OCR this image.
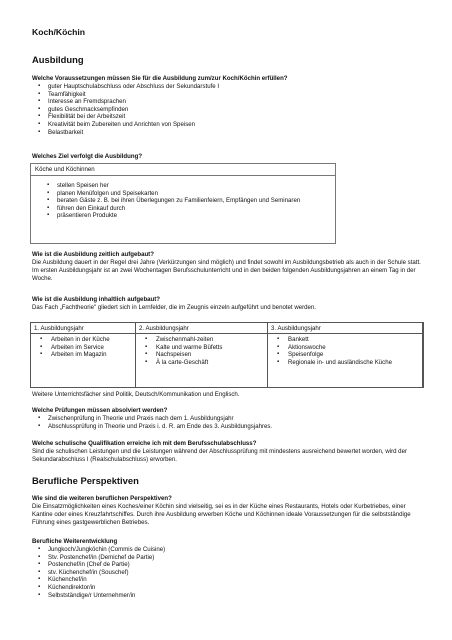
Koch/Köchin
Ausbildung
Welche Voraussetzungen müssen Sie für die Ausbildung zum/zur Koch/Köchin erfüllen?
▪ guter Hauptschulabschluss oder Abschluss der Sekundarstufe I
▪ Teamfähigkeit
▪ Interesse an Fremdsprachen
▪ gutes Geschmacksempfinden
▪ Flexibilität bei der Arbeitszeit
▪ Kreativität beim Zubereiten und Anrichten von Speisen
▪ Belastbarkeit
Welches Ziel verfolgt die Ausbildung?
Köche und Köchinnen
▪ stellen Speisen her
▪ planen Menüfolgen und Speisekarten
▪ beraten Gäste z. B. bei ihren Überlegungen zu Familienfeiern, Empfängen und Seminaren
▪ führen den Einkauf durch
▪ präsentieren Produkte
Wie ist die Ausbildung zeitlich aufgebaut?
Die Ausbildung dauert in der Regel drei Jahre (Verkürzungen sind möglich) und findet sowohl im Ausbildungsbetrieb als auch in der Schule statt. Im ersten Ausbildungsjahr ist an zwei Wochentagen Berufsschulunterricht und in den beiden folgenden Ausbildungsjahren an einem Tag in der Woche.
Wie ist die Ausbildung inhaltlich aufgebaut?
Das Fach „Fachtheorie" gliedert sich in Lernfelder, die im Zeugnis einzeln aufgeführt und benotet werden.
1. Ausbildungsjahr
▪ Arbeiten in der Küche
▪ Arbeiten im Service
▪ Arbeiten im Magazin
2. Ausbildungsjahr
▪ Zwischenmahl-zeiten
▪ Kalte und warme Büfetts
▪ Nachspeisen
▪ À la carte-Geschäft
3. Ausbildungsjahr
▪ Bankett
▪ Aktionswoche
▪ Speisenfolge
▪ Regionale in- und ausländische Küche
Weitere Unterrichtsfächer sind Politik, Deutsch/Kommunikation und Englisch.
Welche Prüfungen müssen absolviert werden?
▪ Zwischenprüfung in Theorie und Praxis nach dem 1. Ausbildungsjahr
▪ Abschlussprüfung in Theorie und Praxis i. d. R. am Ende des 3. Ausbildungsjahres.
Welche schulische Qualifikation erreiche ich mit dem Berufsschulabschluss?
Sind die schulischen Leistungen und die Leistungen während der Abschlussprüfung mit mindestens ausreichend bewertet worden, wird der Sekundarabschluss I (Realschulabschluss) erworben.
Berufliche Perspektiven
Wie sind die weiteren beruflichen Perspektiven?
Die Einsatzmöglichkeiten eines Koches/einer Köchin sind vielseitig, sei es in der Küche eines Restaurants, Hotels oder Kurbetriebes, einer Kantine oder eines Kreuzfahrtschiffes. Durch ihre Ausbildung erwerben Köche und Köchinnen ideale Voraussetzungen für die selbstständige Führung eines gastgewerblichen Betriebes.
Berufliche Weiterentwicklung
▪ Jungkoch/Jungköchin (Commis de Cuisine)
▪ Stv. Postenchef/in (Demichef de Partie)
▪ Postenchef/in (Chef de Partie)
▪ stv. Küchenchef/in (Souschef)
▪ Küchenchef/in
▪ Küchendirektor/in
▪ Selbstständige/r Unternehmer/in
